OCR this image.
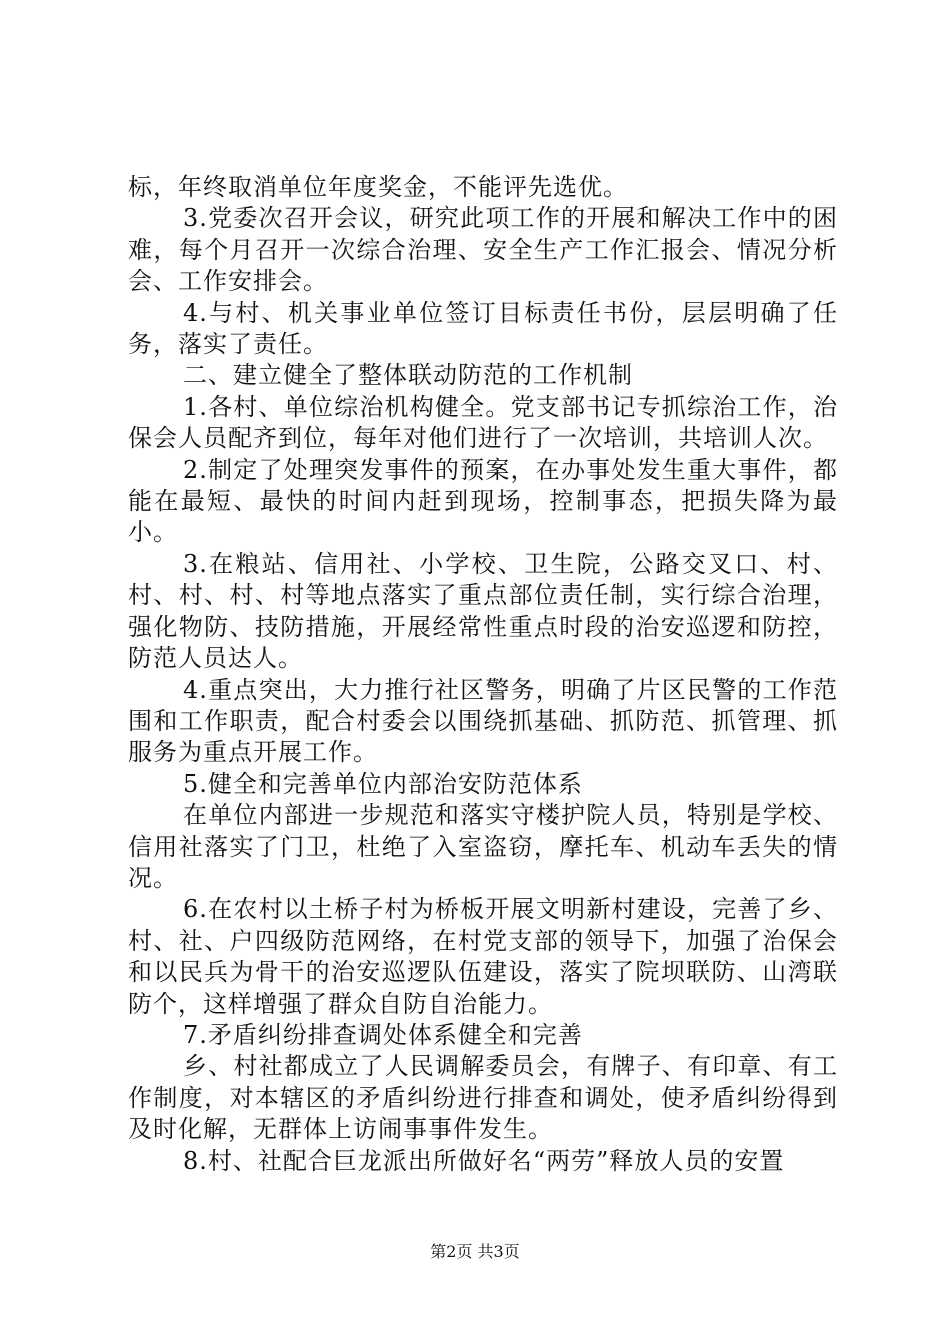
标，年终取消单位年度奖金，不能评先选优。

3.党委次召开会议，研究此项工作的开展和解决工作中的困难，每个月召开一次综合治理、安全生产工作汇报会、情况分析会、工作安排会。

4.与村、机关事业单位签订目标责任书份，层层明确了任务，落实了责任。

二、建立健全了整体联动防范的工作机制

1.各村、单位综治机构健全。党支部书记专抓综治工作，治保会人员配齐到位，每年对他们进行了一次培训，共培训人次。

2.制定了处理突发事件的预案，在办事处发生重大事件，都能在最短、最快的时间内赶到现场，控制事态，把损失降为最小。

3.在粮站、信用社、小学校、卫生院，公路交叉口、村、村、村、村、村等地点落实了重点部位责任制，实行综合治理，强化物防、技防措施，开展经常性重点时段的治安巡逻和防控，防范人员达人。

4.重点突出，大力推行社区警务，明确了片区民警的工作范围和工作职责，配合村委会以围绕抓基础、抓防范、抓管理、抓服务为重点开展工作。

5.健全和完善单位内部治安防范体系

在单位内部进一步规范和落实守楼护院人员，特别是学校、信用社落实了门卫，杜绝了入室盗窃，摩托车、机动车丢失的情况。

6.在农村以土桥子村为桥板开展文明新村建设，完善了乡、村、社、户四级防范网络，在村党支部的领导下，加强了治保会和以民兵为骨干的治安巡逻队伍建设，落实了院坝联防、山湾联防个，这样增强了群众自防自治能力。

7.矛盾纠纷排查调处体系健全和完善

乡、村社都成立了人民调解委员会，有牌子、有印章、有工作制度，对本辖区的矛盾纠纷进行排查和调处，使矛盾纠纷得到及时化解，无群体上访闹事事件发生。

8.村、社配合巨龙派出所做好名“两劳”释放人员的安置

第2页 共3页
